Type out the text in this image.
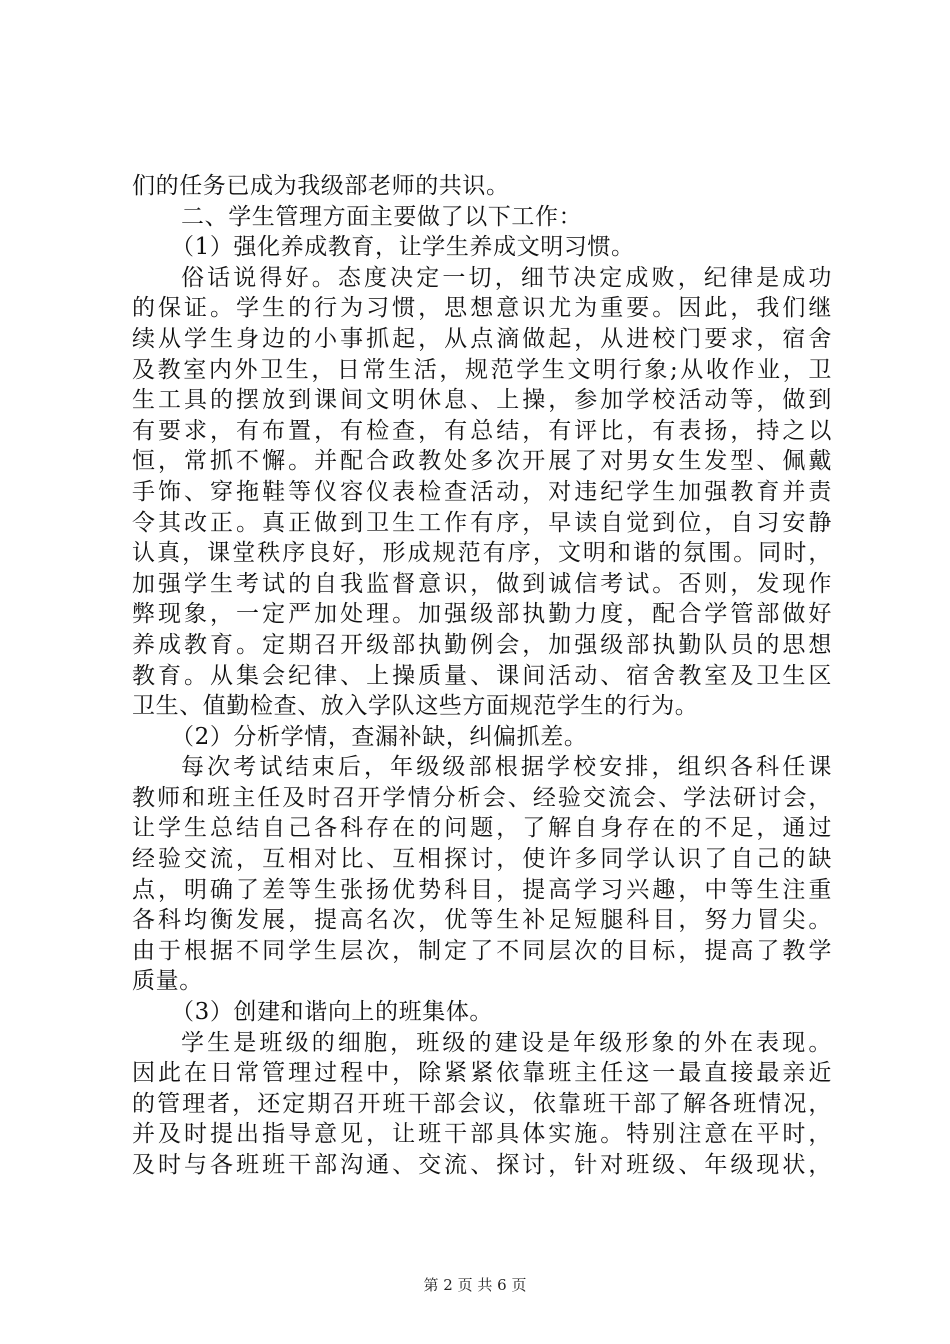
们的任务已成为我级部老师的共识。
二、学生管理方面主要做了以下工作：
（1）强化养成教育，让学生养成文明习惯。
俗话说得好。态度决定一切，细节决定成败，纪律是成功
的保证。学生的行为习惯，思想意识尤为重要。因此，我们继
续从学生身边的小事抓起，从点滴做起，从进校门要求，宿舍
及教室内外卫生，日常生活，规范学生文明行象;从收作业，卫
生工具的摆放到课间文明休息、上操，参加学校活动等，做到
有要求，有布置，有检查，有总结，有评比，有表扬，持之以
恒，常抓不懈。并配合政教处多次开展了对男女生发型、佩戴
手饰、穿拖鞋等仪容仪表检查活动，对违纪学生加强教育并责
令其改正。真正做到卫生工作有序，早读自觉到位，自习安静
认真，课堂秩序良好，形成规范有序，文明和谐的氛围。同时，
加强学生考试的自我监督意识，做到诚信考试。否则，发现作
弊现象，一定严加处理。加强级部执勤力度，配合学管部做好
养成教育。定期召开级部执勤例会，加强级部执勤队员的思想
教育。从集会纪律、上操质量、课间活动、宿舍教室及卫生区
卫生、值勤检查、放入学队这些方面规范学生的行为。
（2）分析学情，查漏补缺，纠偏抓差。
每次考试结束后，年级级部根据学校安排，组织各科任课
教师和班主任及时召开学情分析会、经验交流会、学法研讨会，
让学生总结自己各科存在的问题，了解自身存在的不足，通过
经验交流，互相对比、互相探讨，使许多同学认识了自己的缺
点，明确了差等生张扬优势科目，提高学习兴趣，中等生注重
各科均衡发展，提高名次，优等生补足短腿科目，努力冒尖。
由于根据不同学生层次，制定了不同层次的目标，提高了教学
质量。
（3）创建和谐向上的班集体。
学生是班级的细胞，班级的建设是年级形象的外在表现。
因此在日常管理过程中，除紧紧依靠班主任这一最直接最亲近
的管理者，还定期召开班干部会议，依靠班干部了解各班情况，
并及时提出指导意见，让班干部具体实施。特别注意在平时，
及时与各班班干部沟通、交流、探讨，针对班级、年级现状，
第 2 页 共 6 页
